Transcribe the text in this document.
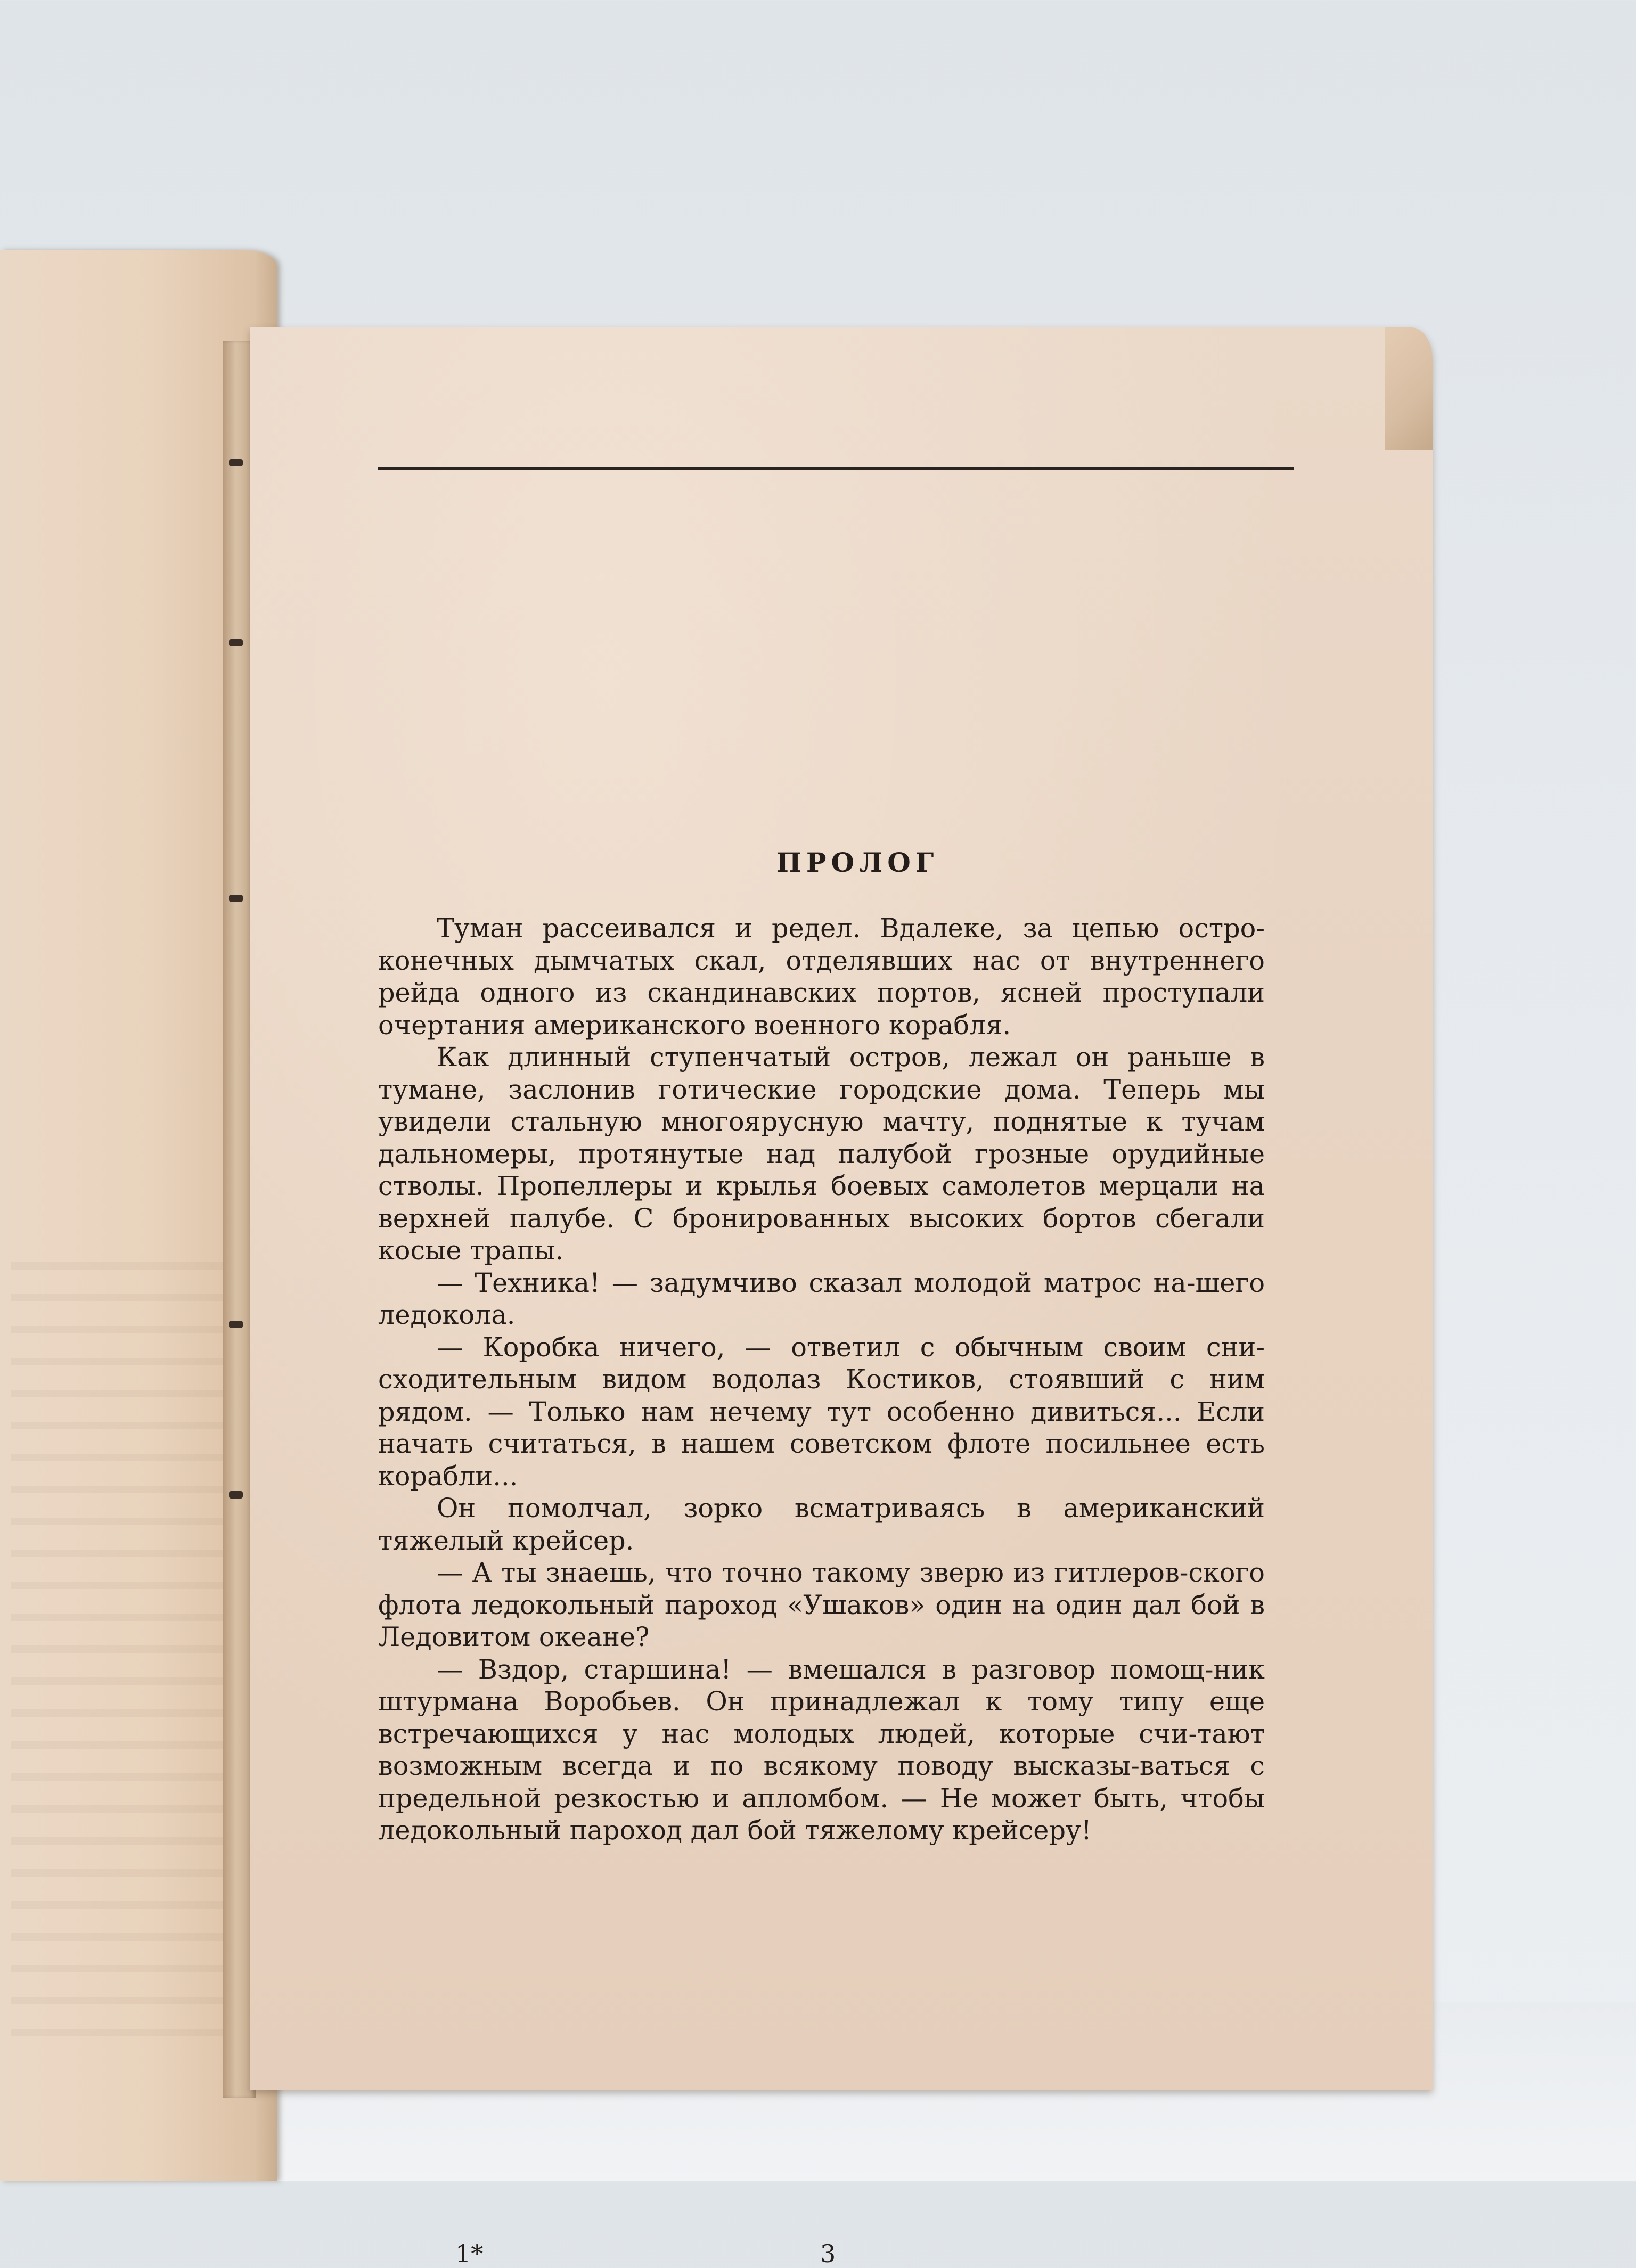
ПРОЛОГ

Туман рассеивался и редел. Вдалеке, за цепью остро-конечных дымчатых скал, отделявших нас от внутреннего рейда одного из скандинавских портов, ясней проступали очертания американского военного корабля.

Как длинный ступенчатый остров, лежал он раньше в тумане, заслонив готические городские дома. Теперь мы увидели стальную многоярусную мачту, поднятые к тучам дальномеры, протянутые над палубой грозные орудийные стволы. Пропеллеры и крылья боевых самолетов мерцали на верхней палубе. С бронированных высоких бортов сбегали косые трапы.

— Техника! — задумчиво сказал молодой матрос на-шего ледокола.

— Коробка ничего, — ответил с обычным своим сни-сходительным видом водолаз Костиков, стоявший с ним рядом. — Только нам нечему тут особенно дивиться... Если начать считаться, в нашем советском флоте посильнее есть корабли...

Он помолчал, зорко всматриваясь в американский тяжелый крейсер.

— А ты знаешь, что точно такому зверю из гитлеров-ского флота ледокольный пароход «Ушаков» один на один дал бой в Ледовитом океане?

— Вздор, старшина! — вмешался в разговор помощ-ник штурмана Воробьев. Он принадлежал к тому типу еще встречающихся у нас молодых людей, которые счи-тают возможным всегда и по всякому поводу высказы-ваться с предельной резкостью и апломбом. — Не может быть, чтобы ледокольный пароход дал бой тяжелому крейсеру!

1*	3
